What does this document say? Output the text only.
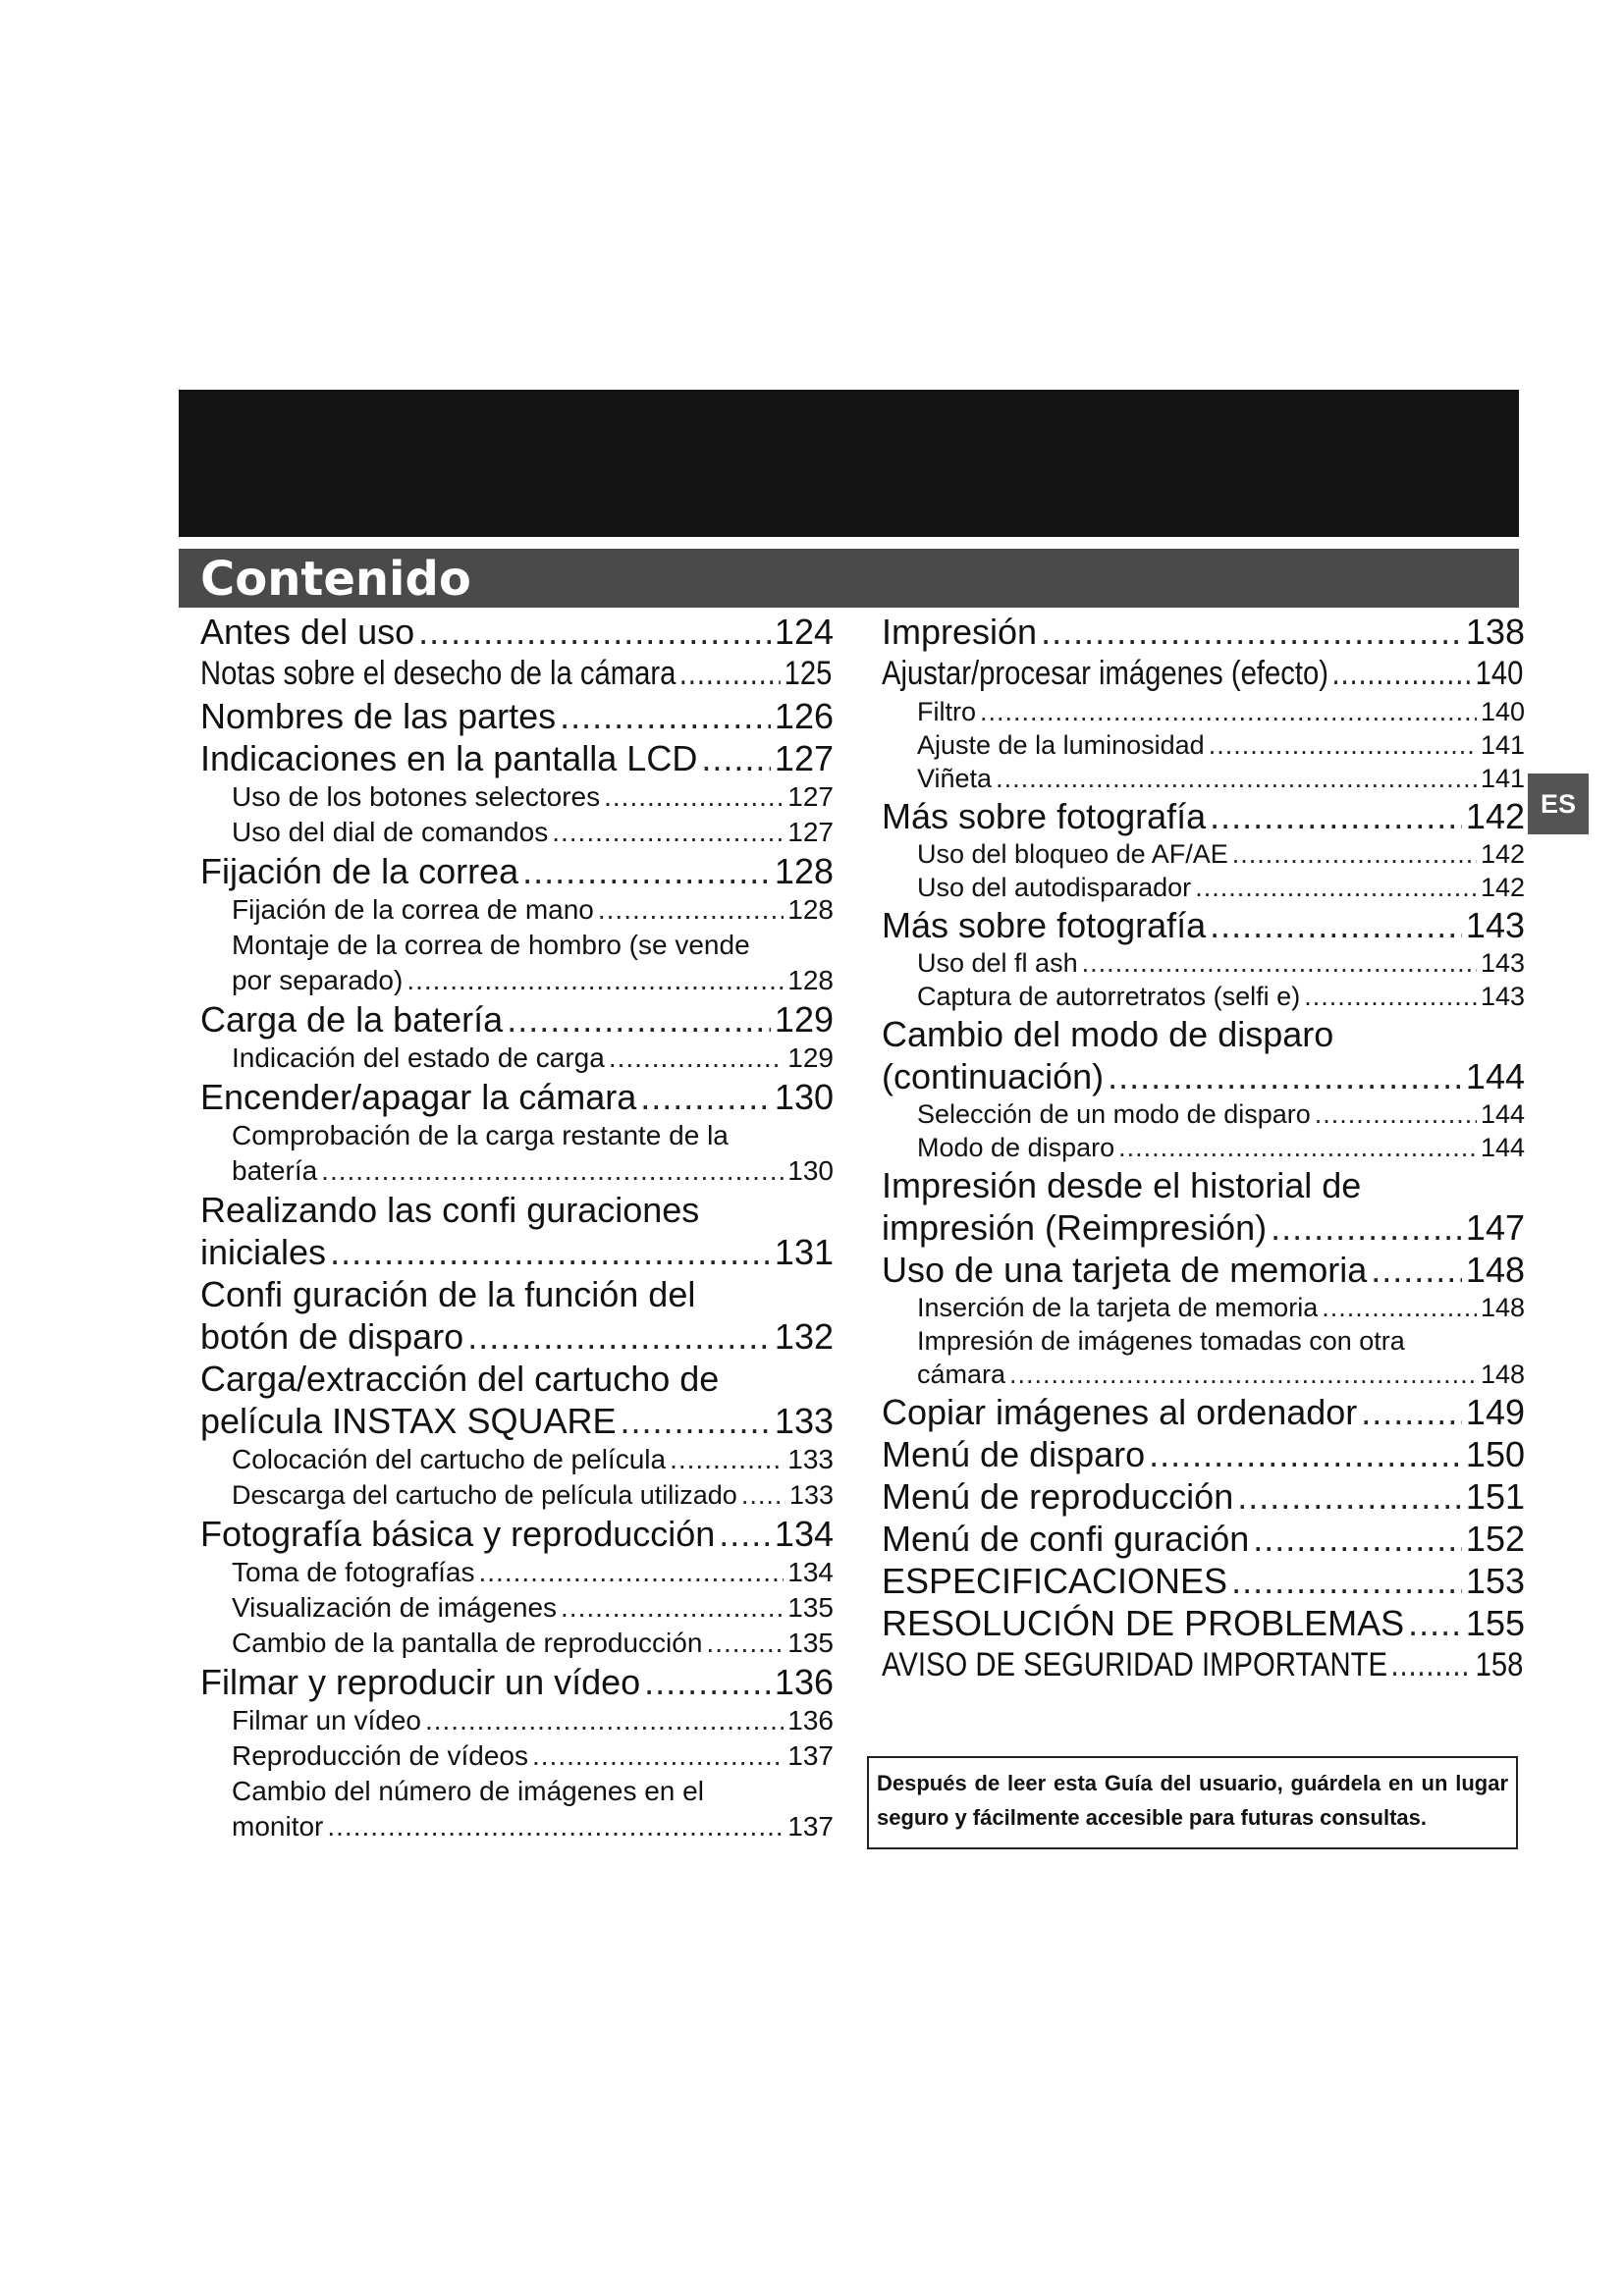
Contenido
ES
Antes del uso .....	124
Notas sobre el desecho de la cámara .....	125
Nombres de las partes .....	126
Indicaciones en la pantalla LCD ..... 127
Uso de los botones selectores .....	127
Uso del dial de comandos .....	127
Fijación de la correa .....	128
Fijación de la correa de mano .....	128
Montaje de la correa de hombro (se vende
por separado) .....	128
Carga de la batería .....	129
Indicación del estado de carga .....	129
Encender/apagar la cámara .....	130
Comprobación de la carga restante de la
batería .....	130
Realizando las confi guraciones
iniciales .....	131
Confi guración de la función del
botón de disparo .....	132
Carga/extracción del cartucho de
película INSTAX SQUARE .....	133
Colocación del cartucho de película .....	133
Descarga del cartucho de película utilizado ..... 133
Fotografía básica y reproducción ..... 134
Toma de fotografías .....	134
Visualización de imágenes .....	135
Cambio de la pantalla de reproducción .....	135
Filmar y reproducir un vídeo .....	136
Filmar un vídeo .....	136
Reproducción de vídeos .....	137
Cambio del número de imágenes en el
monitor .....	137
Impresión .....	138
Ajustar/procesar imágenes (efecto) .....	140
Filtro .....	140
Ajuste de la luminosidad .....	141
Viñeta .....	141
Más sobre fotografía .....	142
Uso del bloqueo de AF/AE .....	142
Uso del autodisparador .....	142
Más sobre fotografía .....	143
Uso del fl ash .....	143
Captura de autorretratos (selfi e) .....	143
Cambio del modo de disparo
(continuación) .....	144
Selección de un modo de disparo .....	144
Modo de disparo .....	144
Impresión desde el historial de
impresión (Reimpresión) .....	147
Uso de una tarjeta de memoria .....	148
Inserción de la tarjeta de memoria .....	148
Impresión de imágenes tomadas con otra
cámara .....	148
Copiar imágenes al ordenador .....	149
Menú de disparo .....	150
Menú de reproducción .....	151
Menú de confi guración .....	152
ESPECIFICACIONES .....	153
RESOLUCIÓN DE PROBLEMAS ..... 155
AVISO DE SEGURIDAD IMPORTANTE .....	158
Después de leer esta Guía del usuario, guárdela en un lugar seguro y fácilmente accesible para futuras consultas.
